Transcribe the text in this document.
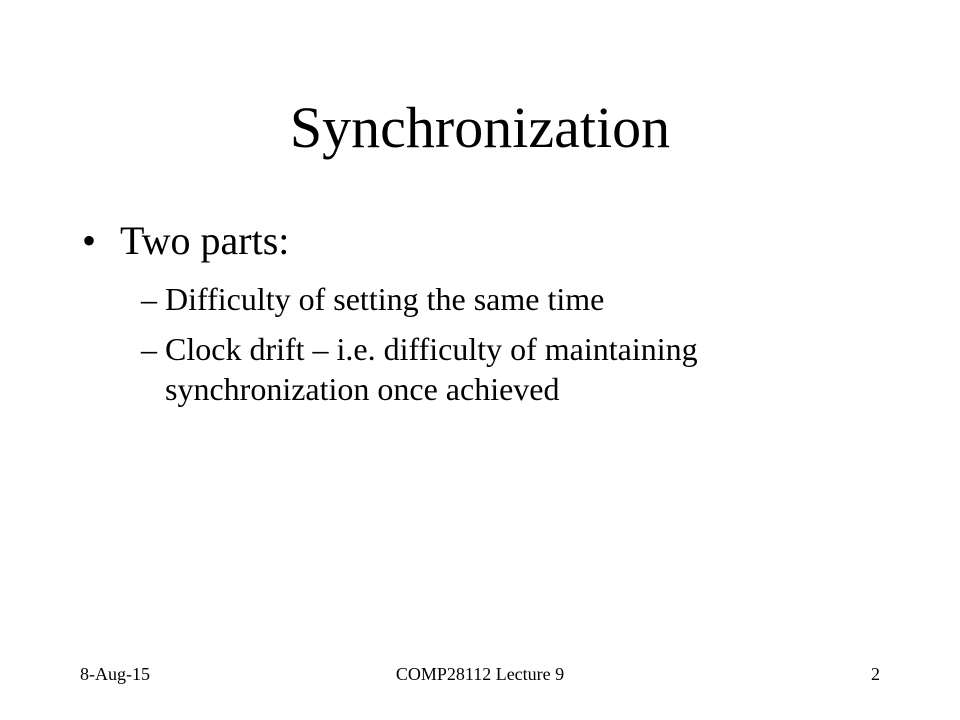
Synchronization

• Two parts:

– Difficulty of setting the same time

– Clock drift – i.e. difficulty of maintaining synchronization once achieved

8-Aug-15	COMP28112 Lecture 9	2
